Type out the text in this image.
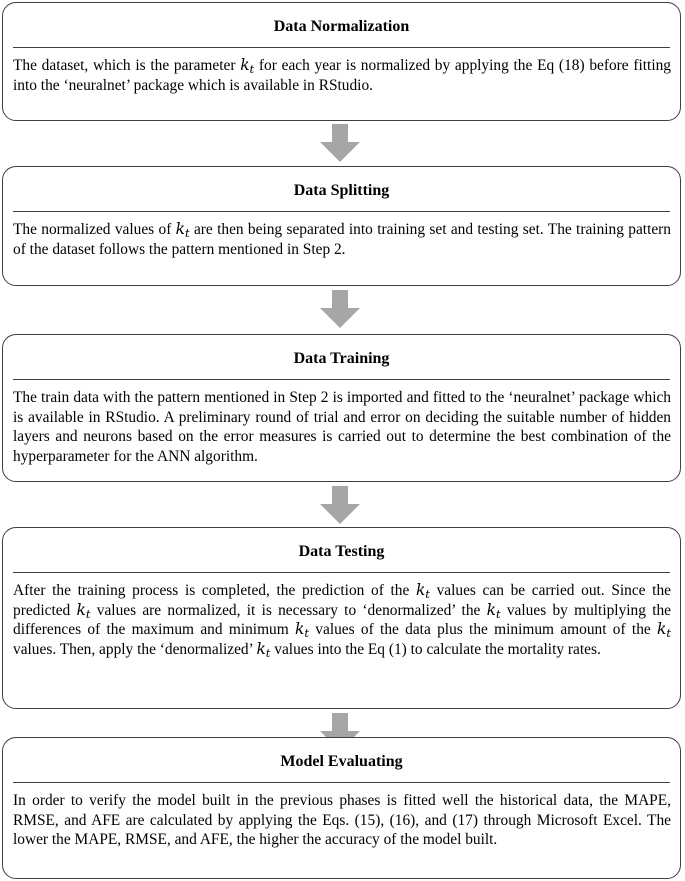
Data Normalization
The dataset, which is the parameter $k_t$ for each year is normalized by applying the Eq (18) before fitting into the ‘neuralnet’ package which is available in RStudio.
Data Splitting
The normalized values of $k_t$ are then being separated into training set and testing set. The training pattern of the dataset follows the pattern mentioned in Step 2.
Data Training
The train data with the pattern mentioned in Step 2 is imported and fitted to the ‘neuralnet’ package which is available in RStudio. A preliminary round of trial and error on deciding the suitable number of hidden layers and neurons based on the error measures is carried out to determine the best combination of the hyperparameter for the ANN algorithm.
Data Testing
After the training process is completed, the prediction of the $k_t$ values can be carried out. Since the predicted $k_t$ values are normalized, it is necessary to ‘denormalized’ the $k_t$ values by multiplying the differences of the maximum and minimum $k_t$ values of the data plus the minimum amount of the $k_t$ values. Then, apply the ‘denormalized’ $k_t$ values into the Eq (1) to calculate the mortality rates.
Model Evaluating
In order to verify the model built in the previous phases is fitted well the historical data, the MAPE, RMSE, and AFE are calculated by applying the Eqs. (15), (16), and (17) through Microsoft Excel. The lower the MAPE, RMSE, and AFE, the higher the accuracy of the model built.
